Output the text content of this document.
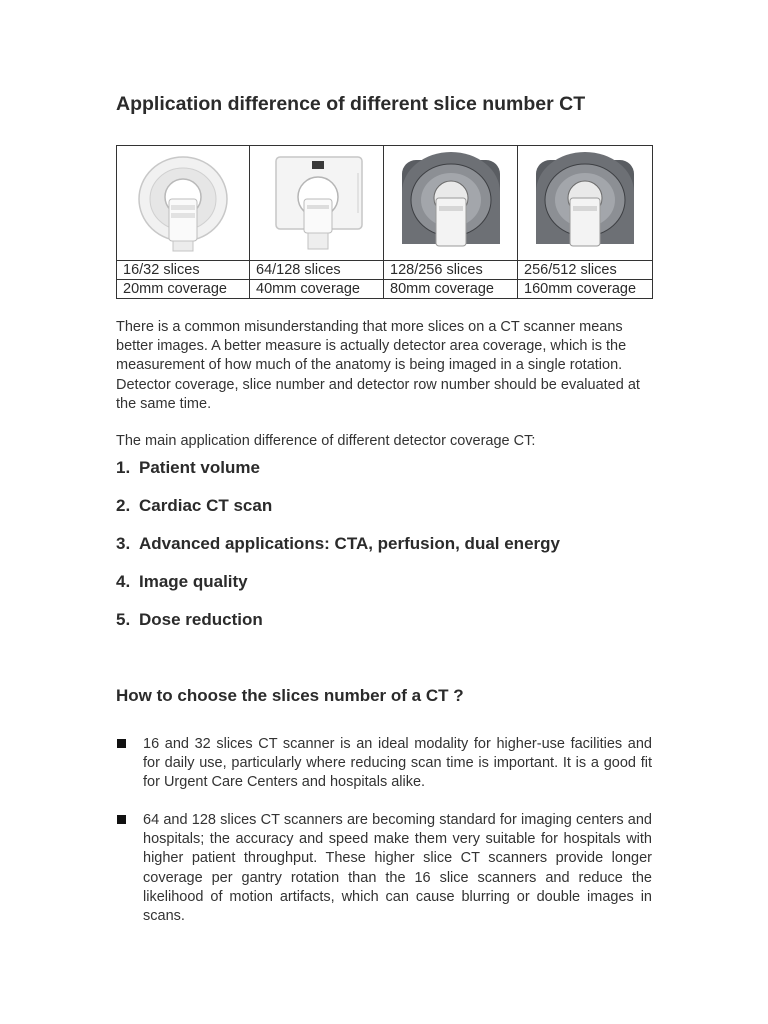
Application difference of different slice number CT

16/32 slices	64/128 slices	128/256 slices	256/512 slices
20mm coverage	40mm coverage	80mm coverage	160mm coverage

There is a common misunderstanding that more slices on a CT scanner means better images. A better measure is actually detector area coverage, which is the measurement of how much of the anatomy is being imaged in a single rotation. Detector coverage, slice number and detector row number should be evaluated at the same time.

The main application difference of different detector coverage CT:

1. Patient volume
2. Cardiac CT scan
3. Advanced applications: CTA, perfusion, dual energy
4. Image quality
5. Dose reduction
How to choose the slices number of a CT ?

16 and 32 slices CT scanner is an ideal modality for higher-use facilities and for daily use, particularly where reducing scan time is important. It is a good fit for Urgent Care Centers and hospitals alike.

64 and 128 slices CT scanners are becoming standard for imaging centers and hospitals; the accuracy and speed make them very suitable for hospitals with higher patient throughput. These higher slice CT scanners provide longer coverage per gantry rotation than the 16 slice scanners and reduce the likelihood of motion artifacts, which can cause blurring or double images in scans.
